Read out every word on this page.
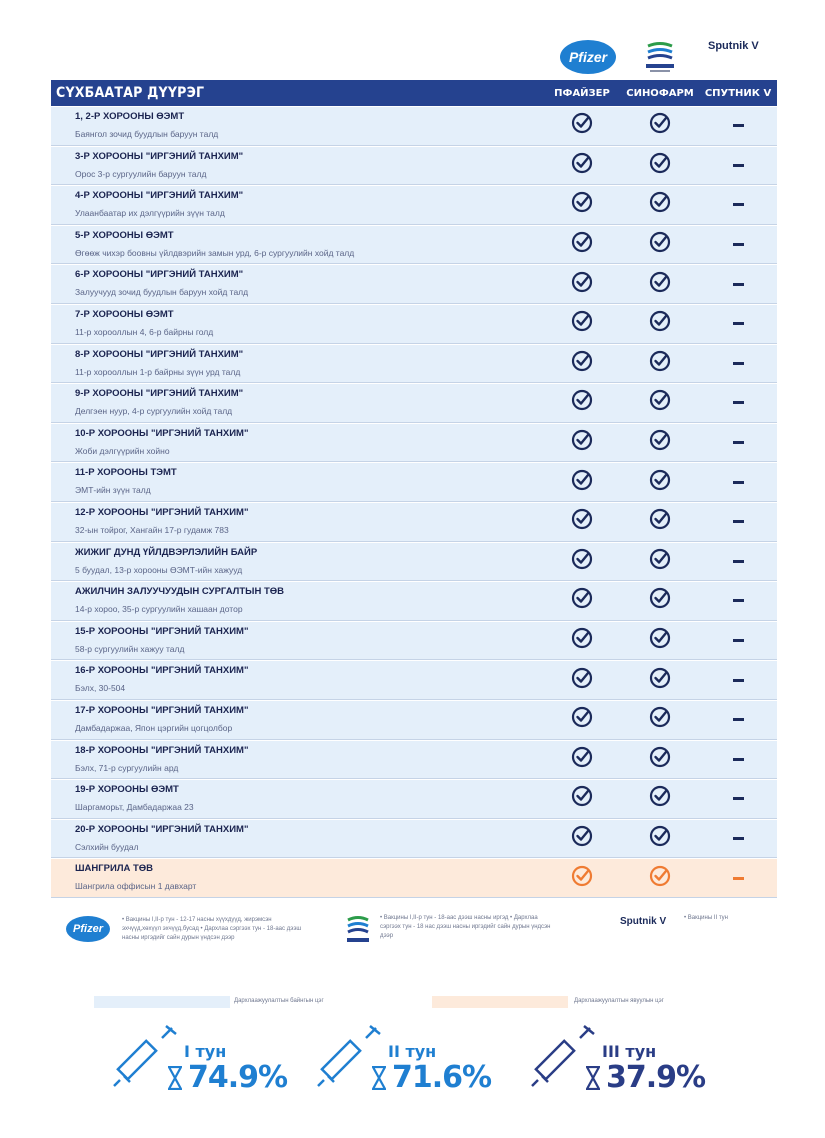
Pfizer
Sputnik V
СҮХБААТАР ДҮҮРЭГ	ПФАЙЗЕР	СИНОФАРМ	СПУТНИК V
1, 2-Р ХОРООНЫ ӨЭМТ
Баянгол зочид буудлын баруун талд
3-Р ХОРООНЫ "ИРГЭНИЙ ТАНХИМ"
Орос 3-р сургуулийн баруун талд
4-Р ХОРООНЫ "ИРГЭНИЙ ТАНХИМ"
Улаанбаатар их дэлгүүрийн зүүн талд
5-Р ХОРООНЫ ӨЭМТ
Өгөөж чихэр боовны үйлдвэрийн замын урд, 6-р сургуулийн хойд талд
6-Р ХОРООНЫ "ИРГЭНИЙ ТАНХИМ"
Залуучууд зочид буудлын баруун хойд талд
7-Р ХОРООНЫ ӨЭМТ
11-р хорооллын 4, 6-р байрны голд
8-Р ХОРООНЫ "ИРГЭНИЙ ТАНХИМ"
11-р хорооллын 1-р байрны зүүн урд талд
9-Р ХОРООНЫ "ИРГЭНИЙ ТАНХИМ"
Делгэен нуур, 4-р сургуулийн хойд талд
10-Р ХОРООНЫ "ИРГЭНИЙ ТАНХИМ"
Жоби дэлгүүрийн хойно
11-Р ХОРООНЫ ТЭМТ
ЭМТ-ийн зүүн талд
12-Р ХОРООНЫ "ИРГЭНИЙ ТАНХИМ"
32-ын тойрог, Хангайн 17-р гудамж 783
ЖИЖИГ ДУНД ҮЙЛДВЭРЛЭЛИЙН БАЙР
5 буудал, 13-р хорооны ӨЭМТ-ийн хажууд
АЖИЛЧИН ЗАЛУУЧУУДЫН СУРГАЛТЫН ТӨВ
14-р хороо, 35-р сургуулийн хашаан дотор
15-Р ХОРООНЫ "ИРГЭНИЙ ТАНХИМ"
58-р сургуулийн хажуу талд
16-Р ХОРООНЫ "ИРГЭНИЙ ТАНХИМ"
Бэлх, 30-504
17-Р ХОРООНЫ "ИРГЭНИЙ ТАНХИМ"
Дамбадаржаа, Япон цэргийн цогцолбор
18-Р ХОРООНЫ "ИРГЭНИЙ ТАНХИМ"
Бэлх, 71-р сургуулийн ард
19-Р ХОРООНЫ ӨЭМТ
Шаргаморьт, Дамбадаржаа 23
20-Р ХОРООНЫ "ИРГЭНИЙ ТАНХИМ"
Сэлхийн буудал
ШАНГРИЛА ТӨВ
Шангрила оффисын 1 давхарт
Pfizer
• Вакцины I,II-р тун - 12-17 насны хүүхдүүд, жирэмсэн эхчүүд,хөхүүл эхчүүд,бусад • Дархлаа сэргээх тун - 18-аас дээш насны иргэдийг сайн дурын үндсэн дээр
• Вакцины I,II-р тун - 18-аас дээш насны иргэд • Дархлаа сэргээх тун - 18 наc дээш насны иргэдийг сайн дурын үндсэн дээр
Sputnik V	• Вакцины II тун
Дархлаажуулалтын байнгын цэг	Дархлаажуулалтын явуулын цэг
I тун
74.9%
II тун
71.6%
III тун
37.9%
